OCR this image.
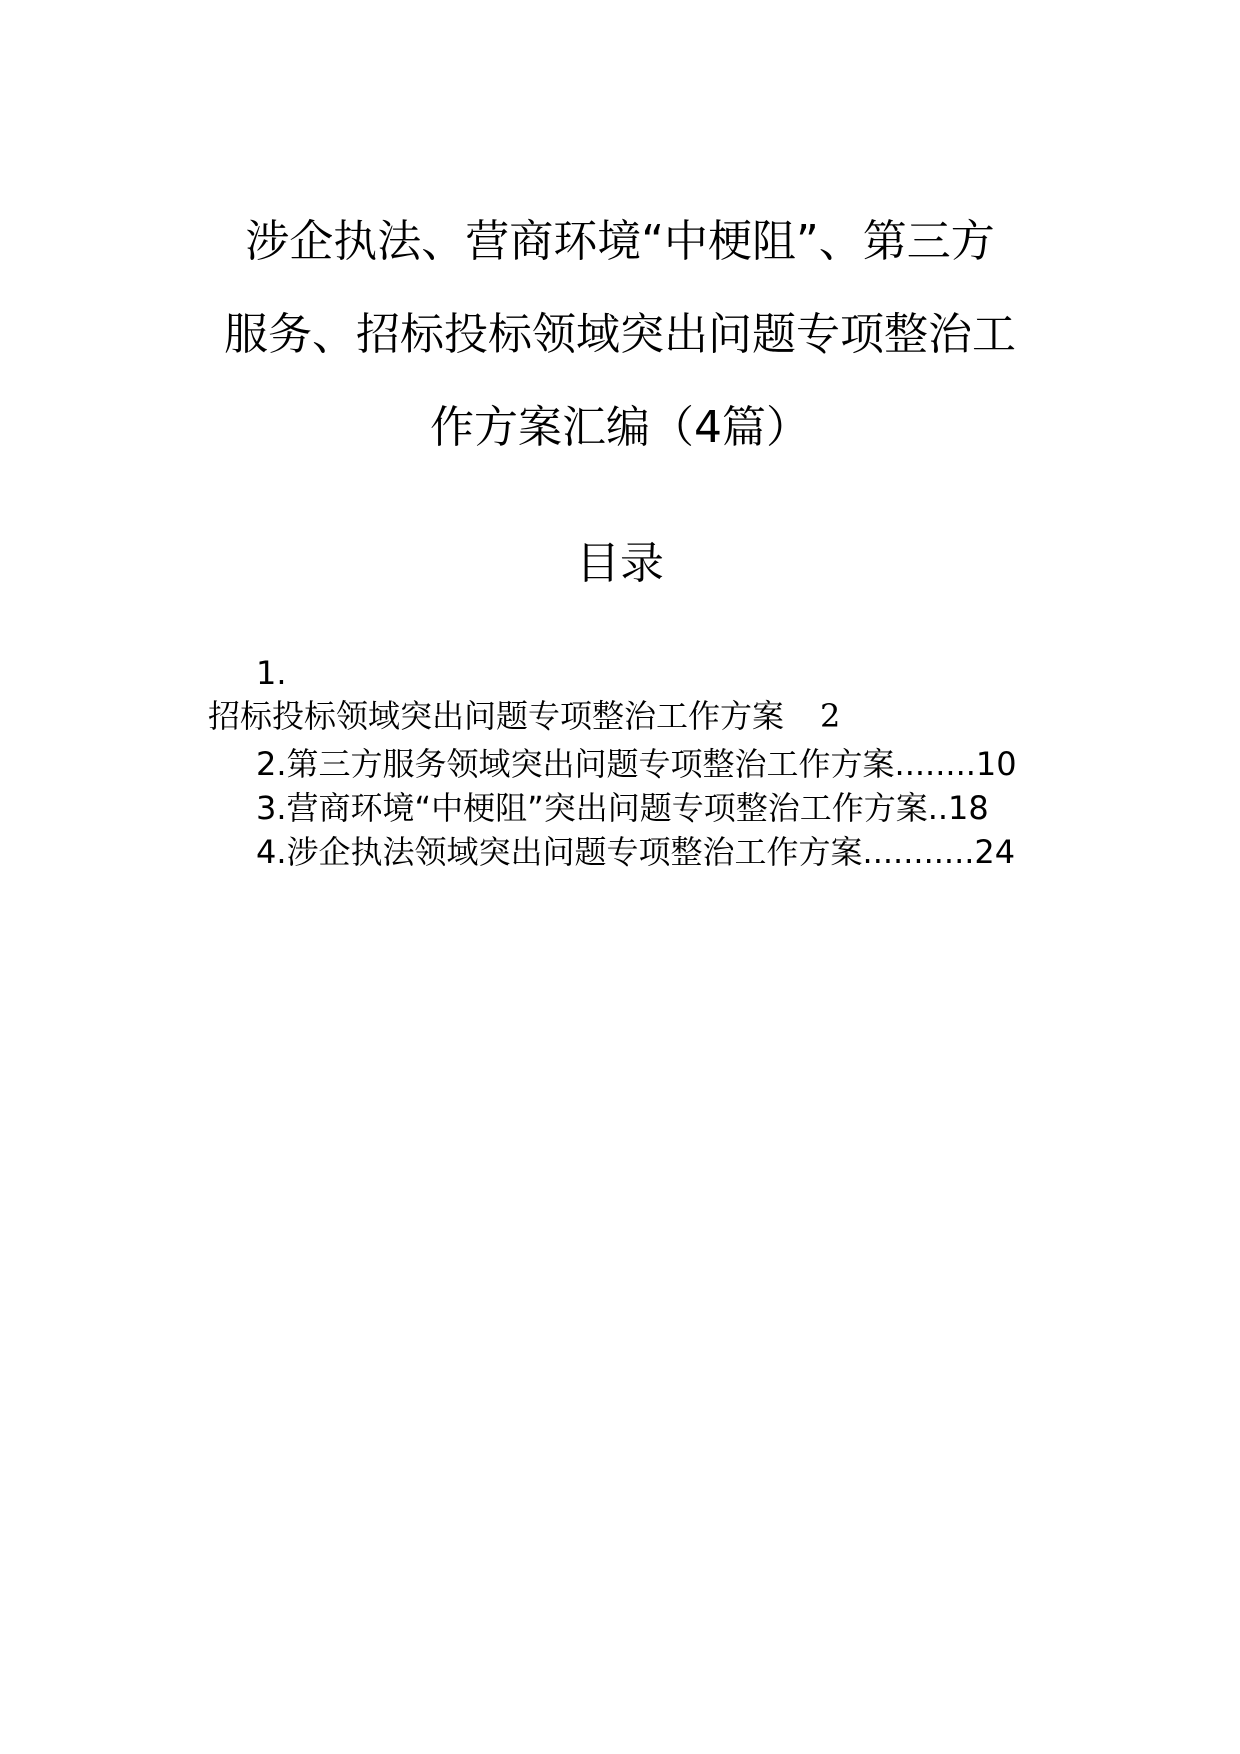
涉企执法、营商环境“中梗阻”、第三方
服务、招标投标领域突出问题专项整治工
作方案汇编（4篇）
目录
1.
招标投标领域突出问题专项整治工作方案 2
2.第三方服务领域突出问题专项整治工作方案........10
3.营商环境“中梗阻”突出问题专项整治工作方案..18
4.涉企执法领域突出问题专项整治工作方案...........24
